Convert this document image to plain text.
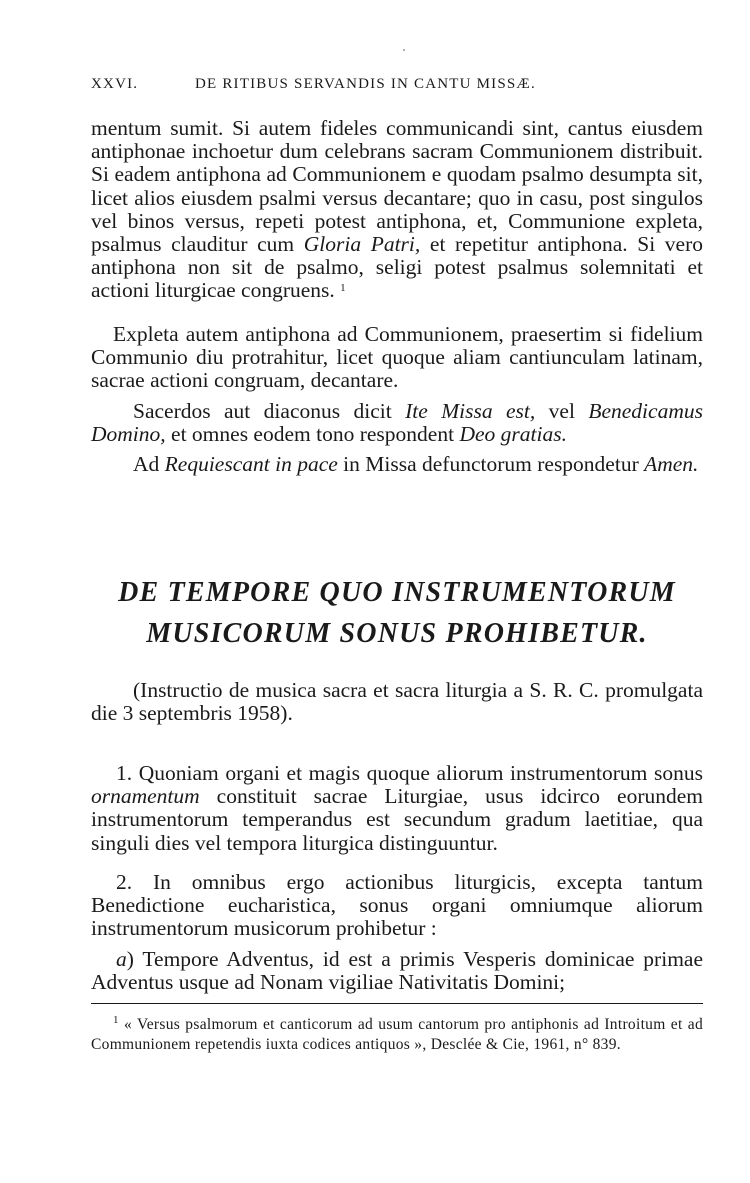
XXVI.	DE RITIBUS SERVANDIS IN CANTU MISSÆ.

mentum sumit. Si autem fideles communicandi sint, cantus eiusdem antiphonae inchoetur dum celebrans sacram Communionem distribuit. Si eadem antiphona ad Communionem e quodam psalmo desumpta sit, licet alios eiusdem psalmi versus decantare; quo in casu, post singulos vel binos versus, repeti potest antiphona, et, Communione expleta, psalmus clauditur cum Gloria Patri, et repetitur antiphona. Si vero antiphona non sit de psalmo, seligi potest psalmus solemnitati et actioni liturgicae congruens. $^1$

Expleta autem antiphona ad Communionem, praesertim si fidelium Communio diu protrahitur, licet quoque aliam cantiunculam latinam, sacrae actioni congruam, decantare.

Sacerdos aut diaconus dicit Ite Missa est, vel Benedicamus Domino, et omnes eodem tono respondent Deo gratias.

Ad Requiescant in pace in Missa defunctorum respondetur Amen.

DE TEMPORE QUO INSTRUMENTORUM
MUSICORUM SONUS PROHIBETUR.

(Instructio de musica sacra et sacra liturgia a S. R. C. promulgata die 3 septembris 1958).

1. Quoniam organi et magis quoque aliorum instrumentorum sonus ornamentum constituit sacrae Liturgiae, usus idcirco eorundem instrumentorum temperandus est secundum gradum laetitiae, qua singuli dies vel tempora liturgica distinguuntur.

2. In omnibus ergo actionibus liturgicis, excepta tantum Benedictione eucharistica, sonus organi omniumque aliorum instrumentorum musicorum prohibetur :

a) Tempore Adventus, id est a primis Vesperis dominicae primae Adventus usque ad Nonam vigiliae Nativitatis Domini;

$^1$ « Versus psalmorum et canticorum ad usum cantorum pro antiphonis ad Introitum et ad Communionem repetendis iuxta codices antiquos », Desclée & Cie, 1961, n° 839.
